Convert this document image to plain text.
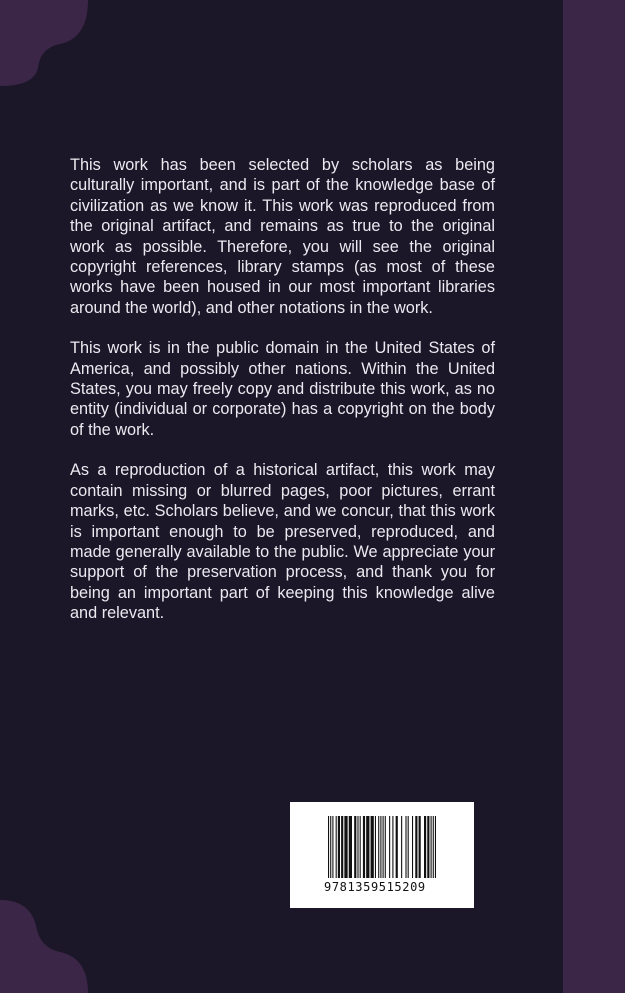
This work has been selected by scholars as being culturally important, and is part of the knowledge base of civilization as we know it. This work was reproduced from the original artifact, and remains as true to the original work as possible. Therefore, you will see the original copyright references, library stamps (as most of these works have been housed in our most important libraries around the world), and other notations in the work.

This work is in the public domain in the United States of America, and possibly other nations. Within the United States, you may freely copy and distribute this work, as no entity (individual or corporate) has a copyright on the body of the work.

As a reproduction of a historical artifact, this work may contain missing or blurred pages, poor pictures, errant marks, etc. Scholars believe, and we concur, that this work is important enough to be preserved, reproduced, and made generally available to the public. We appreciate your support of the preservation process, and thank you for being an important part of keeping this knowledge alive and relevant.

9781359515209
